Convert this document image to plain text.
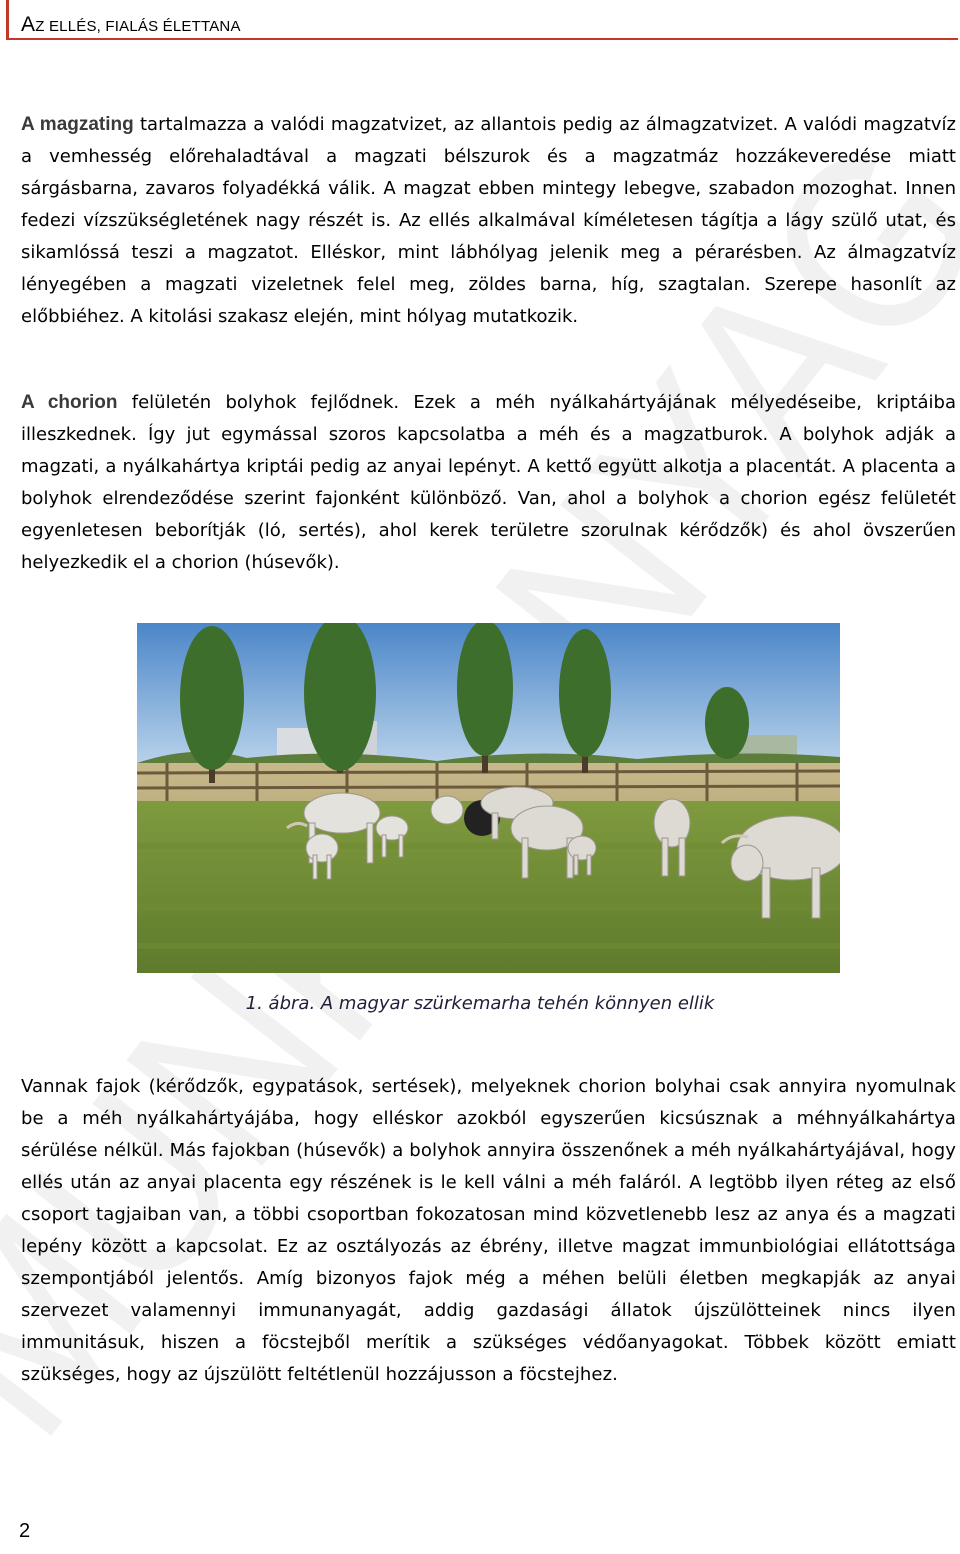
AZ ELLÉS, FIALÁS ÉLETTANA

A magzating tartalmazza a valódi magzatvizet, az allantois pedig az álmagzatvizet. A valódi magzatvíz a vemhesség előrehaladtával a magzati bélszurok és a magzatmáz hozzákeveredése miatt sárgásbarna, zavaros folyadékká válik. A magzat ebben mintegy lebegve, szabadon mozoghat. Innen fedezi vízszükségletének nagy részét is. Az ellés alkalmával kíméletesen tágítja a lágy szülő utat, és sikamlóssá teszi a magzatot. Elléskor, mint lábhólyag jelenik meg a pérarésben. Az álmagzatvíz lényegében a magzati vizeletnek felel meg, zöldes barna, híg, szagtalan. Szerepe hasonlít az előbbiéhez. A kitolási szakasz elején, mint hólyag mutatkozik.

A chorion felületén bolyhok fejlődnek. Ezek a méh nyálkahártyájának mélyedéseibe, kriptáiba illeszkednek. Így jut egymással szoros kapcsolatba a méh és a magzatburok. A bolyhok adják a magzati, a nyálkahártya kriptái pedig az anyai lepényt. A kettő együtt alkotja a placentát. A placenta a bolyhok elrendeződése szerint fajonként különböző. Van, ahol a bolyhok a chorion egész felületét egyenletesen beborítják (ló, sertés), ahol kerek területre szorulnak kérődzők) és ahol övszerűen helyezkedik el a chorion (húsevők).

1. ábra. A magyar szürkemarha tehén könnyen ellik

Vannak fajok (kérődzők, egypatások, sertések), melyeknek chorion bolyhai csak annyira nyomulnak be a méh nyálkahártyájába, hogy elléskor azokból egyszerűen kicsúsznak a méhnyálkahártya sérülése nélkül. Más fajokban (húsevők) a bolyhok annyira összenőnek a méh nyálkahártyájával, hogy ellés után az anyai placenta egy részének is le kell válni a méh faláról. A legtöbb ilyen réteg az első csoport tagjaiban van, a többi csoportban fokozatosan mind közvetlenebb lesz az anya és a magzati lepény között a kapcsolat. Ez az osztályozás az ébrény, illetve magzat immunbiológiai ellátottsága szempontjából jelentős. Amíg bizonyos fajok még a méhen belüli életben megkapják az anyai szervezet valamennyi immunanyagát, addig gazdasági állatok újszülötteinek nincs ilyen immunitásuk, hiszen a föcstejből merítik a szükséges védőanyagokat. Többek között emiatt szükséges, hogy az újszülött feltétlenül hozzájusson a föcstejhez.

2
